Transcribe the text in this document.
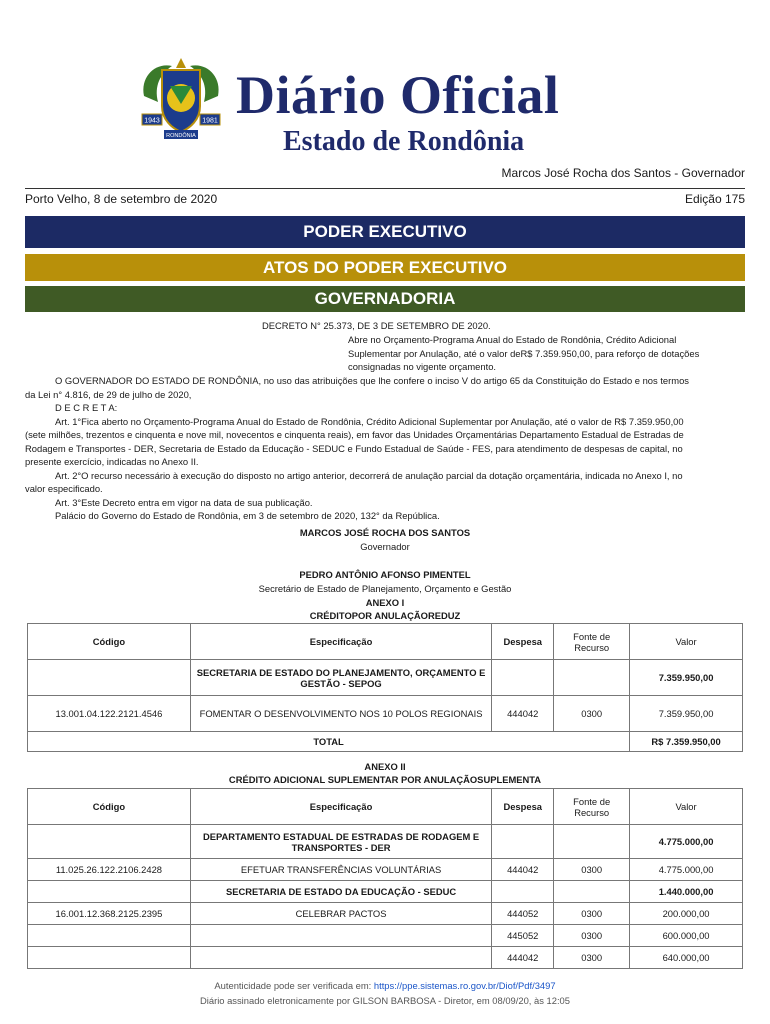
1943	1981
RONDÔNIA
Diário Oficial
Estado de Rondônia
Marcos José Rocha dos Santos - Governador
Porto Velho, 8 de setembro de 2020	Edição 175
PODER EXECUTIVO
ATOS DO PODER EXECUTIVO
GOVERNADORIA
DECRETO N° 25.373, DE 3 DE SETEMBRO DE 2020.
Abre no Orçamento-Programa Anual do Estado de Rondônia, Crédito Adicional
Suplementar por Anulação, até o valor deR$ 7.359.950,00, para reforço de dotações
consignadas no vigente orçamento.
O GOVERNADOR DO ESTADO DE RONDÔNIA, no uso das atribuições que lhe confere o inciso V do artigo 65 da Constituição do Estado e nos termos
da Lei n° 4.816, de 29 de julho de 2020,
D E C R E T A:
Art. 1°Fica aberto no Orçamento-Programa Anual do Estado de Rondônia, Crédito Adicional Suplementar por Anulação, até o valor de R$ 7.359.950,00
(sete milhões, trezentos e cinquenta e nove mil, novecentos e cinquenta reais), em favor das Unidades Orçamentárias Departamento Estadual de Estradas de
Rodagem e Transportes - DER, Secretaria de Estado da Educação - SEDUC e Fundo Estadual de Saúde - FES, para atendimento de despesas de capital, no
presente exercício, indicadas no Anexo II.
Art. 2°O recurso necessário à execução do disposto no artigo anterior, decorrerá de anulação parcial da dotação orçamentária, indicada no Anexo I, no
valor especificado.
Art. 3°Este Decreto entra em vigor na data de sua publicação.
Palácio do Governo do Estado de Rondônia, em 3 de setembro de 2020, 132° da República.
MARCOS JOSÉ ROCHA DOS SANTOS
Governador
PEDRO ANTÔNIO AFONSO PIMENTEL
Secretário de Estado de Planejamento, Orçamento e Gestão
ANEXO I
CRÉDITOPOR ANULAÇÃOREDUZ
Código	Especificação	Despesa	Fonte de Recurso	Valor
	SECRETARIA DE ESTADO DO PLANEJAMENTO, ORÇAMENTO E GESTÃO - SEPOG			7.359.950,00
13.001.04.122.2121.4546	FOMENTAR O DESENVOLVIMENTO NOS 10 POLOS REGIONAIS	444042	0300	7.359.950,00
TOTAL				R$ 7.359.950,00
ANEXO II
CRÉDITO ADICIONAL SUPLEMENTAR POR ANULAÇÃOSUPLEMENTA
Código	Especificação	Despesa	Fonte de Recurso	Valor
	DEPARTAMENTO ESTADUAL DE ESTRADAS DE RODAGEM E TRANSPORTES - DER			4.775.000,00
11.025.26.122.2106.2428	EFETUAR TRANSFERÊNCIAS VOLUNTÁRIAS	444042	0300	4.775.000,00
	SECRETARIA DE ESTADO DA EDUCAÇÃO - SEDUC			1.440.000,00
16.001.12.368.2125.2395	CELEBRAR PACTOS	444052	0300	200.000,00
		445052	0300	600.000,00
		444042	0300	640.000,00
Autenticidade pode ser verificada em: https://ppe.sistemas.ro.gov.br/Diof/Pdf/3497
Diário assinado eletronicamente por GILSON BARBOSA - Diretor, em 08/09/20, às 12:05
